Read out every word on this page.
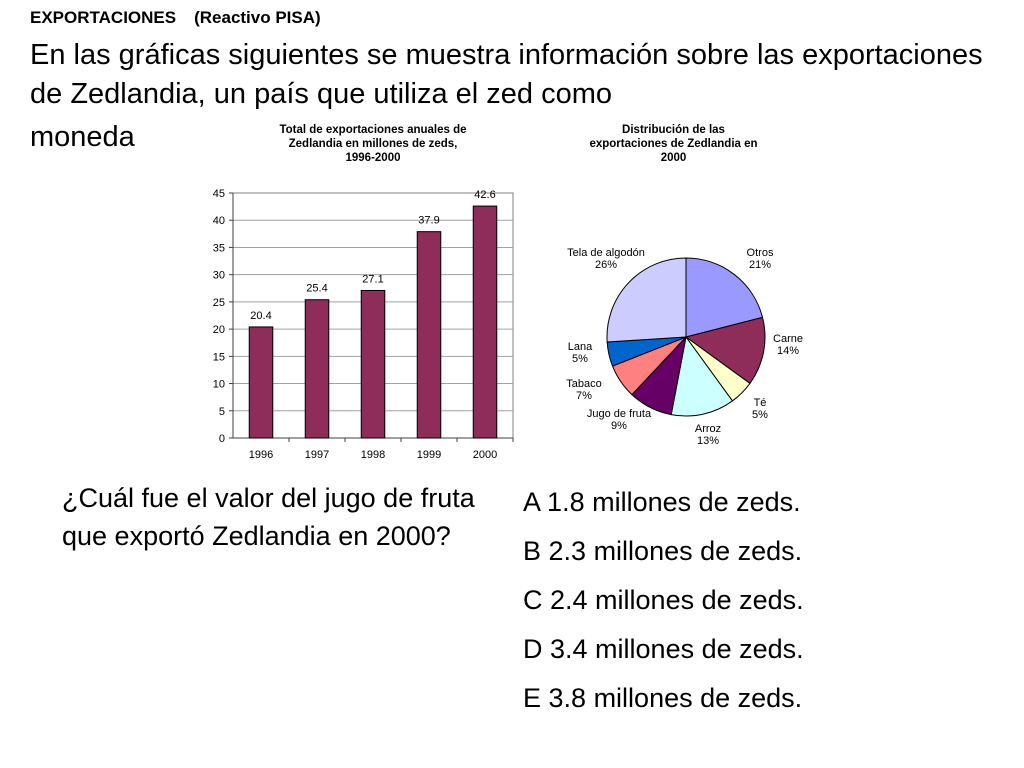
EXPORTACIONES (Reactivo PISA)
En las gráficas siguientes se muestra información sobre las exportaciones de Zedlandia, un país que utiliza el zed como
moneda	Total de exportaciones anuales de
Zedlandia en millones de zeds,
1996-2000
0
5
10
15
20
25
30
35
40
45
20.4
1996
25.4
1997
27.1
1998
37.9
1999
42.6
2000
Distribución de las
exportaciones de Zedlandia en
2000
Otros
21%
Carne
14%
Té
5%
Arroz
13%
Jugo de fruta
9%
Tabaco
7%
Lana
5%
Tela de algodón
26%
¿Cuál fue el valor del jugo de fruta que exportó Zedlandia en 2000?
A 1.8 millones de zeds.
B 2.3 millones de zeds.
C 2.4 millones de zeds.
D 3.4 millones de zeds.
E 3.8 millones de zeds.
